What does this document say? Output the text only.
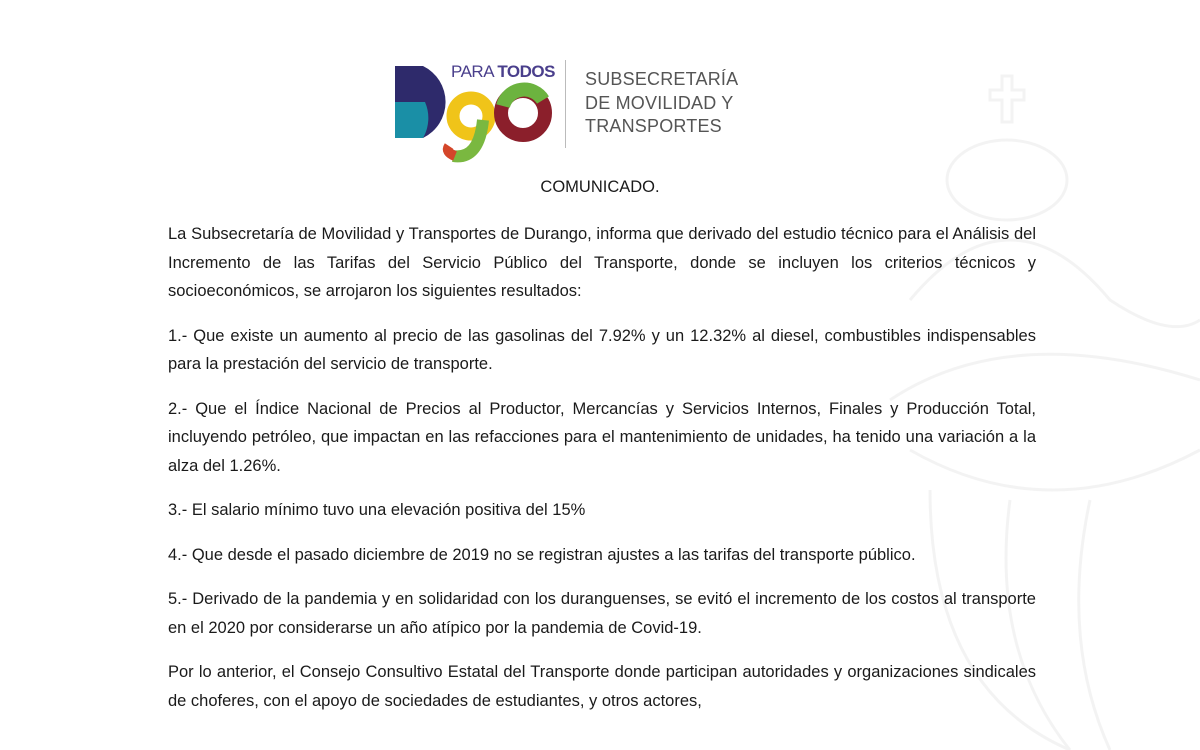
PARA TODOS SUBSECRETARÍA
DE MOVILIDAD Y
TRANSPORTES
COMUNICADO.

La Subsecretaría de Movilidad y Transportes de Durango, informa que derivado del estudio técnico para el Análisis del Incremento de las Tarifas del Servicio Público del Transporte, donde se incluyen los criterios técnicos y socioeconómicos, se arrojaron los siguientes resultados:

1.- Que existe un aumento al precio de las gasolinas del 7.92% y un 12.32% al diesel, combustibles indispensables para la prestación del servicio de transporte.

2.- Que el Índice Nacional de Precios al Productor, Mercancías y Servicios Internos, Finales y Producción Total, incluyendo petróleo, que impactan en las refacciones para el mantenimiento de unidades, ha tenido una variación a la alza del 1.26%.

3.- El salario mínimo tuvo una elevación positiva del 15%

4.- Que desde el pasado diciembre de 2019 no se registran ajustes a las tarifas del transporte público.

5.- Derivado de la pandemia y en solidaridad con los duranguenses, se evitó el incremento de los costos al transporte en el 2020 por considerarse un año atípico por la pandemia de Covid-19.

Por lo anterior, el Consejo Consultivo Estatal del Transporte donde participan autoridades y organizaciones sindicales de choferes, con el apoyo de sociedades de estudiantes, y otros actores,
